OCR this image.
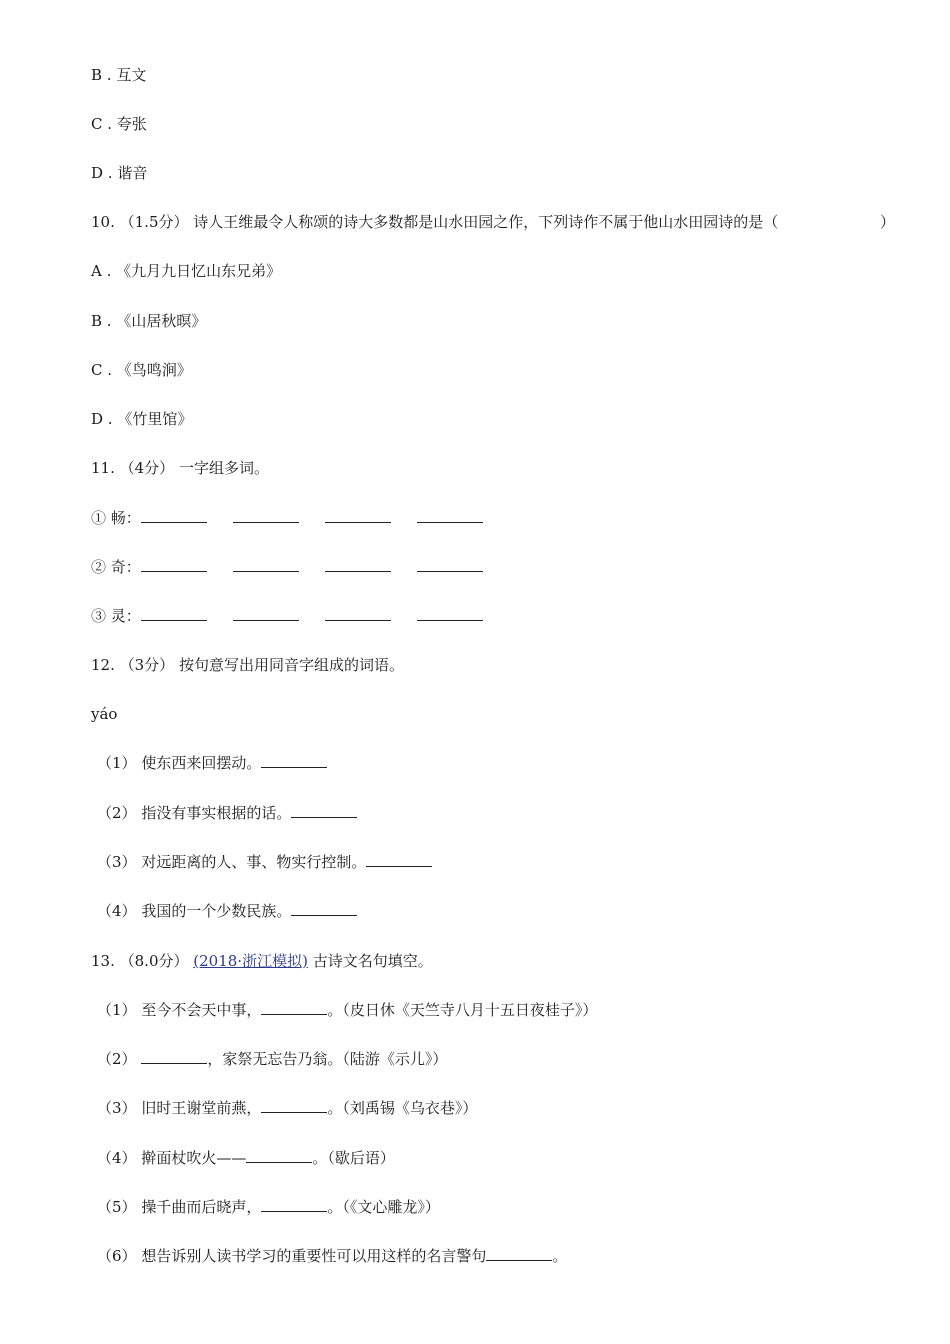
B . 互文
C . 夸张
D . 谐音
10. （1.5分） 诗人王维最令人称颂的诗大多数都是山水田园之作，下列诗作不属于他山水田园诗的是（	）
A . 《九月九日忆山东兄弟》
B . 《山居秋暝》
C . 《鸟鸣涧》
D . 《竹里馆》
11. （4分） 一字组多词。
① 畅：
② 奇：
③ 灵：
12. （3分） 按句意写出用同音字组成的词语。
yáo
（1） 使东西来回摆动。
（2） 指没有事实根据的话。
（3） 对远距离的人、事、物实行控制。
（4） 我国的一个少数民族。
13. （8.0分） (2018·浙江模拟) 古诗文名句填空。
（1） 至今不会天中事，	。（皮日休《天竺寺八月十五日夜桂子》）
（2）	，家祭无忘告乃翁。（陆游《示儿》）
（3） 旧时王谢堂前燕，	。（刘禹锡《乌衣巷》）
（4） 擀面杖吹火——	。（歇后语）
（5） 操千曲而后晓声，	。（《文心雕龙》）
（6） 想告诉别人读书学习的重要性可以用这样的名言警句	。
